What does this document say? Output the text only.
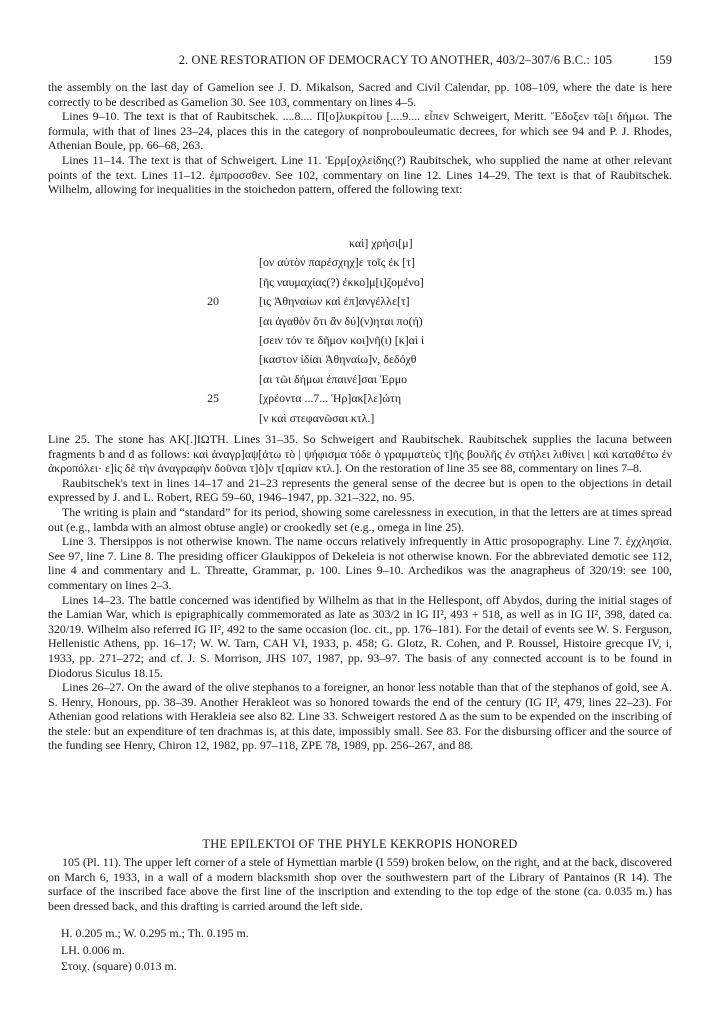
2. ONE RESTORATION OF DEMOCRACY TO ANOTHER, 403/2–307/6 B.C.: 105	159

the assembly on the last day of Gamelion see J. D. Mikalson, Sacred and Civil Calendar, pp. 108–109, where the date is here correctly to be described as Gamelion 30. See 103, commentary on lines 4–5.

Lines 9–10. The text is that of Raubitschek. ....8.... Π[ο]λυκρίτου [....9.... εἶπεν Schweigert, Meritt. Ἔδοξεν τῶ[ι δήμωι. The formula, with that of lines 23–24, places this in the category of nonprobouleumatic decrees, for which see 94 and P. J. Rhodes, Athenian Boule, pp. 66–68, 263.

Lines 11–14. The text is that of Schweigert. Line 11. Ἑρμ[οχλείδης(?) Raubitschek, who supplied the name at other relevant points of the text. Lines 11–12. ἐμπροσσθεν. See 102, commentary on line 12. Lines 14–29. The text is that of Raubitschek. Wilhelm, allowing for inequalities in the stoichedon pattern, offered the following text:

καὶ] χρήσι[μ]
[ον αὐτὸν παρέσχηχ]ε τοῖς ἐκ [τ]
[ῆς ναυμαχίας(?) ἐκκο]μ[ι]ζομένο]
20	[ις Ἀθηναίων καὶ ἐπ]ανγέλλε[τ]
[αι ἀγαθὸν ὅτι ἂν δύ](ν)ηται πο(ή)
[σειν τόν τε δῆμον κοι]νῆ(ι) [κ]αὶ ἰ
[καστον ἰδίαι Ἀθηναίω]ν, δεδόχθ
[αι τῶι δήμωι ἐπαινέ]σαι Ἑρμο
25	[χρέοντα ...7... Ἡρ]ακ[λε]ώτη
[ν καὶ στεφανῶσαι κτλ.]

Line 25. The stone has AK[.]IΩTH. Lines 31–35. So Schweigert and Raubitschek. Raubitschek supplies the lacuna between fragments b and d as follows: καὶ ἀναγρ]αψ[άτω τὸ | ψήφισμα τόδε ὁ γραμματεὺς τ]ῆς βουλῆς ἐν στήλει λιθίνει | καὶ καταθέτω ἐν ἀκροπόλει· ε]ἰς δὲ τὴν ἀναγραφὴν δοῦναι τ]ὸ]ν τ[αμίαν κτλ.]. On the restoration of line 35 see 88, commentary on lines 7–8.

Raubitschek's text in lines 14–17 and 21–23 represents the general sense of the decree but is open to the objections in detail expressed by J. and L. Robert, REG 59–60, 1946–1947, pp. 321–322, no. 95.

The writing is plain and “standard” for its period, showing some carelessness in execution, in that the letters are at times spread out (e.g., lambda with an almost obtuse angle) or crookedly set (e.g., omega in line 25).

Line 3. Thersippos is not otherwise known. The name occurs relatively infrequently in Attic prosopography. Line 7. ἐχχλησία. See 97, line 7. Line 8. The presiding officer Glaukippos of Dekeleia is not otherwise known. For the abbreviated demotic see 112, line 4 and commentary and L. Threatte, Grammar, p. 100. Lines 9–10. Archedikos was the anagrapheus of 320/19: see 100, commentary on lines 2–3.

Lines 14–23. The battle concerned was identified by Wilhelm as that in the Hellespont, off Abydos, during the initial stages of the Lamian War, which is epigraphically commemorated as late as 303/2 in IG II², 493 + 518, as well as in IG II², 398, dated ca. 320/19. Wilhelm also referred IG II², 492 to the same occasion (loc. cit., pp. 176–181). For the detail of events see W. S. Ferguson, Hellenistic Athens, pp. 16–17; W. W. Tarn, CAH VI, 1933, p. 458; G. Glotz, R. Cohen, and P. Roussel, Histoire grecque IV, i, 1933, pp. 271–272; and cf. J. S. Morrison, JHS 107, 1987, pp. 93–97. The basis of any connected account is to be found in Diodorus Siculus 18.15.

Lines 26–27. On the award of the olive stephanos to a foreigner, an honor less notable than that of the stephanos of gold, see A. S. Henry, Honours, pp. 38–39. Another Herakleot was so honored towards the end of the century (IG II², 479, lines 22–23). For Athenian good relations with Herakleia see also 82. Line 33. Schweigert restored Δ as the sum to be expended on the inscribing of the stele: but an expenditure of ten drachmas is, at this date, impossibly small. See 83. For the disbursing officer and the source of the funding see Henry, Chiron 12, 1982, pp. 97–118, ZPE 78, 1989, pp. 256–267, and 88.

THE EPILEKTOI OF THE PHYLE KEKROPIS HONORED

105 (Pl. 11). The upper left corner of a stele of Hymettian marble (I 559) broken below, on the right, and at the back, discovered on March 6, 1933, in a wall of a modern blacksmith shop over the southwestern part of the Library of Pantainos (R 14). The surface of the inscribed face above the first line of the inscription and extending to the top edge of the stone (ca. 0.035 m.) has been dressed back, and this drafting is carried around the left side.

H. 0.205 m.; W. 0.295 m.; Th. 0.195 m.
LH. 0.006 m.
Στοιχ. (square) 0.013 m.
